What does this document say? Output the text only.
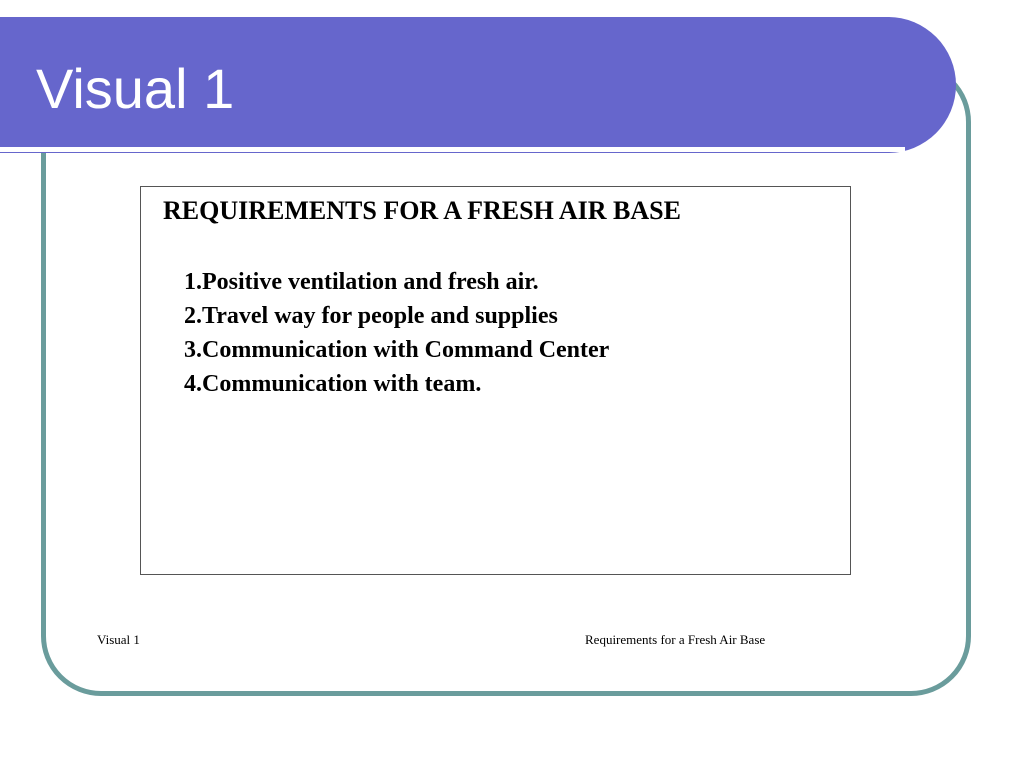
Visual 1
REQUIREMENTS FOR A FRESH AIR BASE
1.Positive ventilation and fresh air.
2.Travel way for people and supplies
3.Communication with Command Center
4.Communication with team.
Visual 1	Requirements for a Fresh Air Base
